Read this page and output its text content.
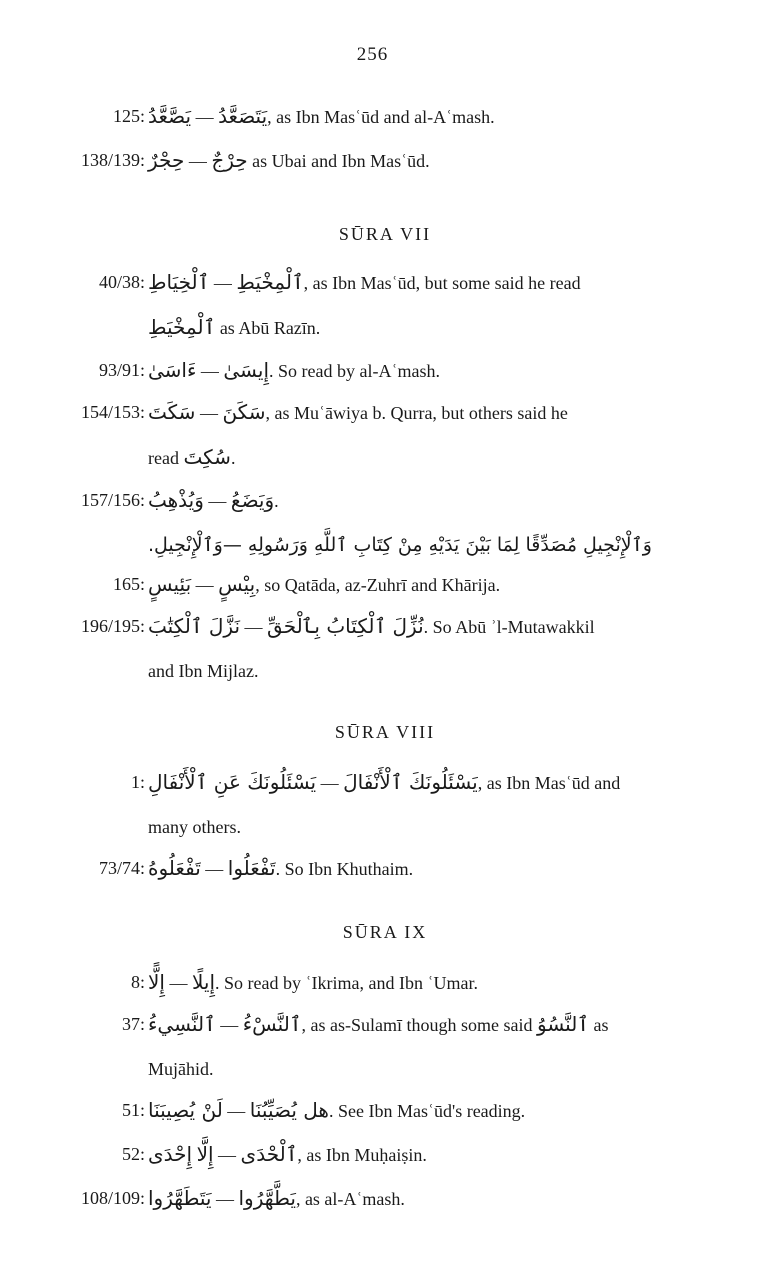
256
125: يَصَّعَّدُ — يَتَصَعَّدُ, as Ibn Masʿūd and al-Aʿmash.
138/139: حِجْرٌ — حِرْجٌ as Ubai and Ibn Masʿūd.
SŪRA VII
40/38: ٱلْخِيَاطِ — ٱلْمِخْيَطِ, as Ibn Masʿūd, but some said he read
ٱلْمِخْيَطِ as Abū Razīn.
93/91: ءَاسَىٰ — إِيسَىٰ. So read by al-Aʿmash.
154/153: سَكَتَ — سَكَنَ, as Muʿāwiya b. Qurra, but others said he
read سُكِتَ.
157/156: وَيُذْهِبُ — وَيَضَعُ.
وَٱلْإِنْجِيلِ مُصَدِّقًا لِمَا بَيْنَ يَدَيْهِ مِنْ كِتَابِ ٱللَّهِ وَرَسُولِهِ —وَٱلْإِنْجِيلِ.
165: بَئِيسٍ — بِيْسٍ, so Qatāda, az-Zuhrī and Khārija.
196/195: نَزَّلَ ٱلْكِتَٰبَ — نُزِّلَ ٱلْكِتَابُ بِٱلْحَقِّ. So Abū ʾl-Mutawakkil
and Ibn Mijlaz.
SŪRA VIII
1: يَسْئَلُونَكَ عَنِ ٱلْأَنْفَالِ — يَسْئَلُونَكَ ٱلْأَنْفَالَ, as Ibn Masʿūd and
many others.
73/74: تَفْعَلُوهُ — تَفْعَلُوا. So Ibn Khuthaim.
SŪRA IX
8: إِلًّا — إِيلًا. So read by ʿIkrima, and Ibn ʿUmar.
37: ٱلنَّسِيءُ — ٱلنَّسْءُ, as as-Sulamī though some said ٱلنَّسُوُ as
Mujāhid.
51: لَنْ يُصِيبَنَا — هل يُصَيِّبُنَا. See Ibn Masʿūd's reading.
52: إِحْدَى إِلَّا — ٱلْحْدَى, as Ibn Muḥaiṣin.
108/109: يَتَطَهَّرُوا — يَطَّهَّرُوا, as al-Aʿmash.
